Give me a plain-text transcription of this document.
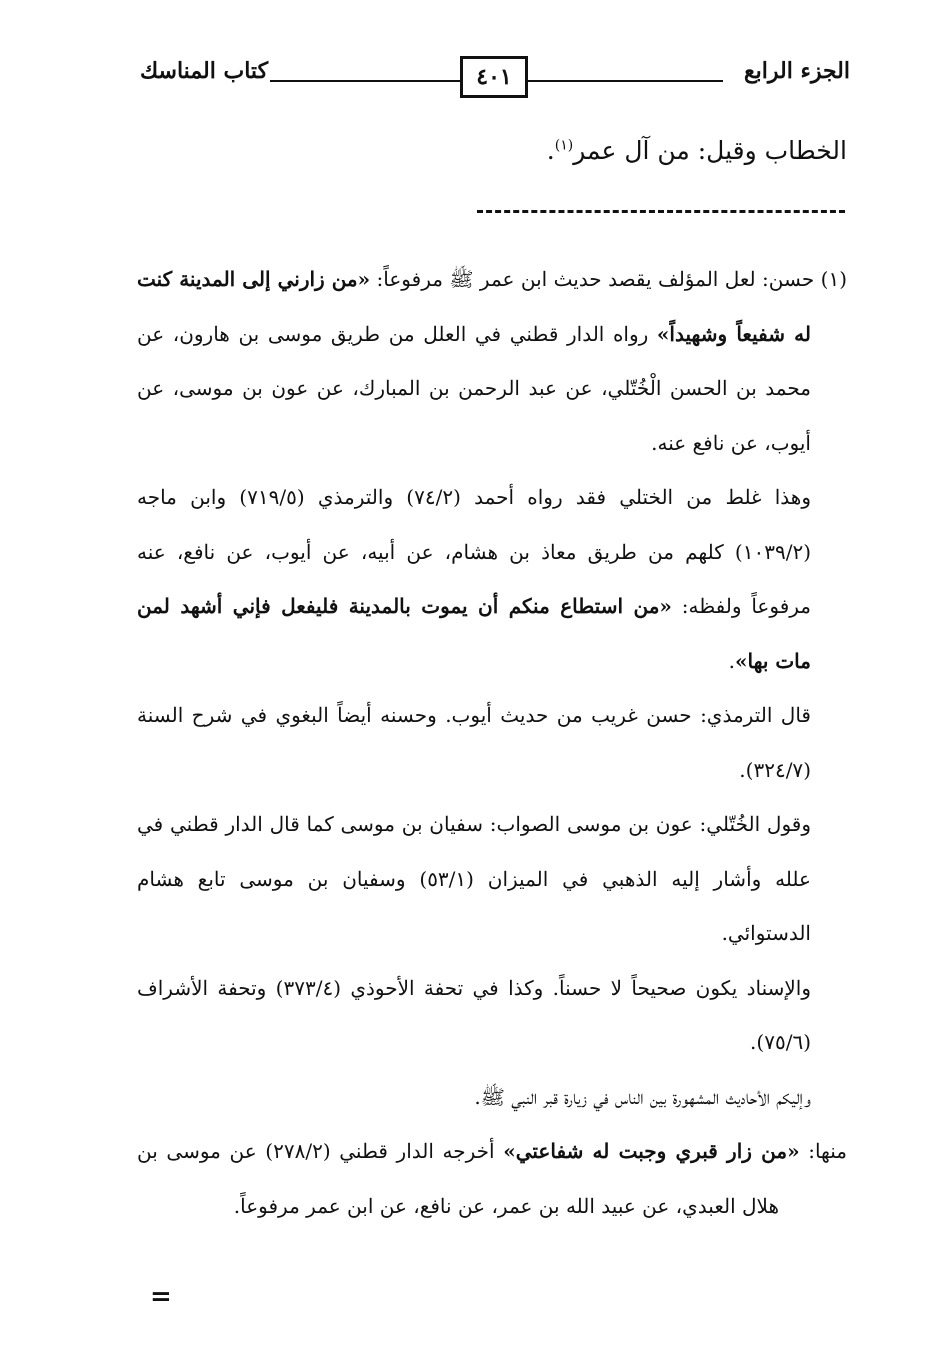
الجزء الرابع
٤٠١
كتاب المناسك
الخطاب وقيل: من آل عمر$^{(١)}$.

(١) حسن: لعل المؤلف يقصد حديث ابن عمر ﷺ مرفوعاً: «من زارني إلى المدينة كنت له شفيعاً وشهيداً» رواه الدار قطني في العلل من طريق موسى بن هارون، عن محمد بن الحسن الْخُتّلي، عن عبد الرحمن بن المبارك، عن عون بن موسى، عن أيوب، عن نافع عنه.

وهذا غلط من الختلي فقد رواه أحمد (٧٤/٢) والترمذي (٧١٩/٥) وابن ماجه (١٠٣٩/٢) كلهم من طريق معاذ بن هشام، عن أبيه، عن أيوب، عن نافع، عنه مرفوعاً ولفظه: «من استطاع منكم أن يموت بالمدينة فليفعل فإني أشهد لمن مات بها».

قال الترمذي: حسن غريب من حديث أيوب. وحسنه أيضاً البغوي في شرح السنة (٣٢٤/٧).

وقول الخُتّلي: عون بن موسى الصواب: سفيان بن موسى كما قال الدار قطني في علله وأشار إليه الذهبي في الميزان (٥٣/١) وسفيان بن موسى تابع هشام الدستوائي.

والإسناد يكون صحيحاً لا حسناً. وكذا في تحفة الأحوذي (٣٧٣/٤) وتحفة الأشراف (٧٥/٦).

وإليكم الأحاديث المشهورة بين الناس في زيارة قبر النبي ﷺ.

منها: «من زار قبري وجبت له شفاعتي» أخرجه الدار قطني (٢٧٨/٢) عن موسى بن هلال العبدي، عن عبيد الله بن عمر، عن نافع، عن ابن عمر مرفوعاً.

=
